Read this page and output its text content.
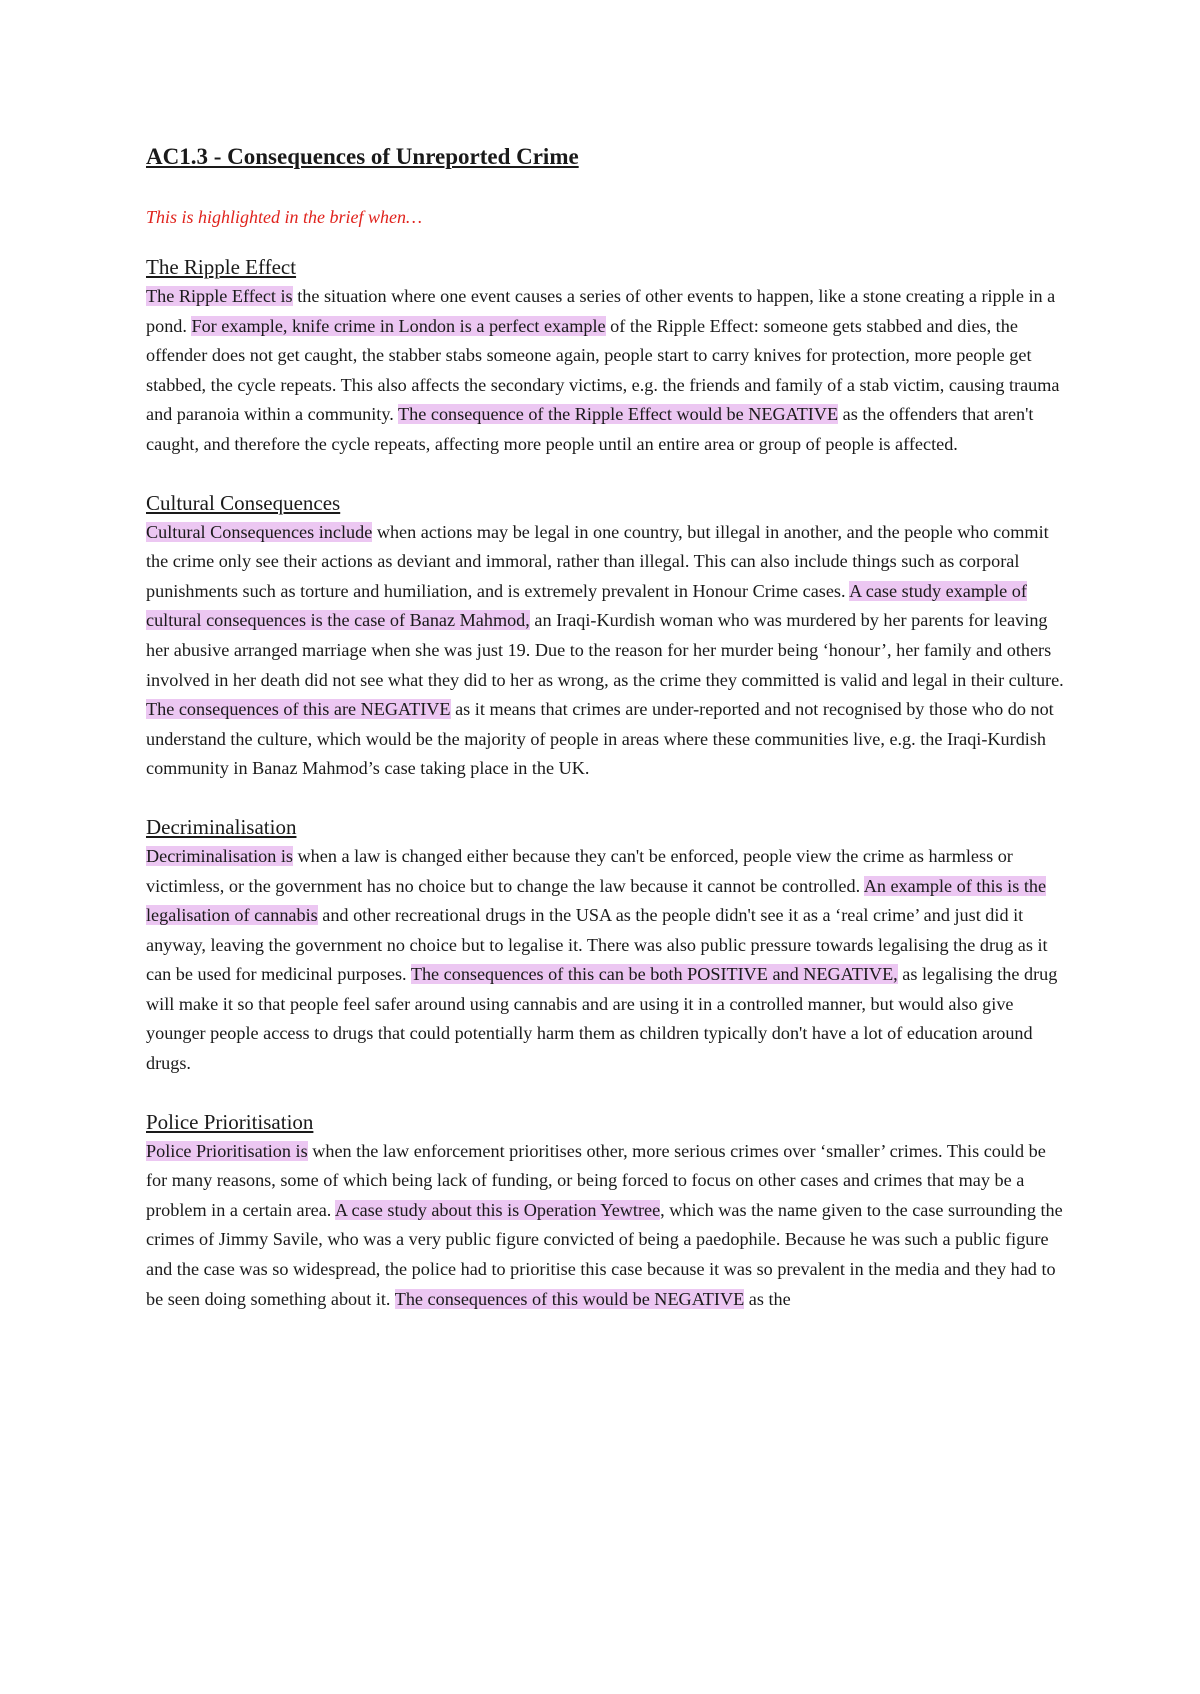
AC1.3 - Consequences of Unreported Crime

This is highlighted in the brief when…

The Ripple Effect

The Ripple Effect is the situation where one event causes a series of other events to happen, like a stone creating a ripple in a pond. For example, knife crime in London is a perfect example of the Ripple Effect: someone gets stabbed and dies, the offender does not get caught, the stabber stabs someone again, people start to carry knives for protection, more people get stabbed, the cycle repeats. This also affects the secondary victims, e.g. the friends and family of a stab victim, causing trauma and paranoia within a community. The consequence of the Ripple Effect would be NEGATIVE as the offenders that aren't caught, and therefore the cycle repeats, affecting more people until an entire area or group of people is affected.

Cultural Consequences

Cultural Consequences include when actions may be legal in one country, but illegal in another, and the people who commit the crime only see their actions as deviant and immoral, rather than illegal. This can also include things such as corporal punishments such as torture and humiliation, and is extremely prevalent in Honour Crime cases. A case study example of cultural consequences is the case of Banaz Mahmod, an Iraqi-Kurdish woman who was murdered by her parents for leaving her abusive arranged marriage when she was just 19. Due to the reason for her murder being ‘honour’, her family and others involved in her death did not see what they did to her as wrong, as the crime they committed is valid and legal in their culture. The consequences of this are NEGATIVE as it means that crimes are under-reported and not recognised by those who do not understand the culture, which would be the majority of people in areas where these communities live, e.g. the Iraqi-Kurdish community in Banaz Mahmod’s case taking place in the UK.

Decriminalisation

Decriminalisation is when a law is changed either because they can't be enforced, people view the crime as harmless or victimless, or the government has no choice but to change the law because it cannot be controlled. An example of this is the legalisation of cannabis and other recreational drugs in the USA as the people didn't see it as a ‘real crime’ and just did it anyway, leaving the government no choice but to legalise it. There was also public pressure towards legalising the drug as it can be used for medicinal purposes. The consequences of this can be both POSITIVE and NEGATIVE, as legalising the drug will make it so that people feel safer around using cannabis and are using it in a controlled manner, but would also give younger people access to drugs that could potentially harm them as children typically don't have a lot of education around drugs.

Police Prioritisation

Police Prioritisation is when the law enforcement prioritises other, more serious crimes over ‘smaller’ crimes. This could be for many reasons, some of which being lack of funding, or being forced to focus on other cases and crimes that may be a problem in a certain area. A case study about this is Operation Yewtree, which was the name given to the case surrounding the crimes of Jimmy Savile, who was a very public figure convicted of being a paedophile. Because he was such a public figure and the case was so widespread, the police had to prioritise this case because it was so prevalent in the media and they had to be seen doing something about it. The consequences of this would be NEGATIVE as the
